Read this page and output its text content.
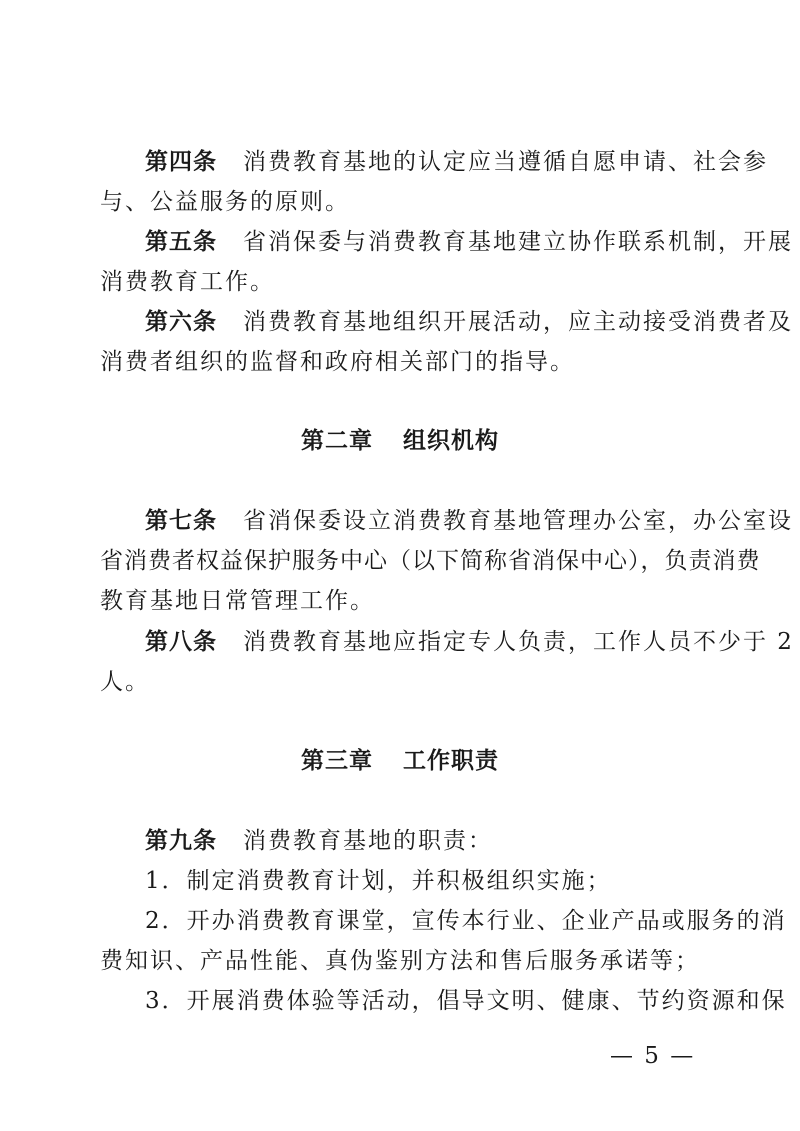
第四条 消费教育基地的认定应当遵循自愿申请、社会参
与、公益服务的原则。
第五条 省消保委与消费教育基地建立协作联系机制，开展
消费教育工作。
第六条 消费教育基地组织开展活动，应主动接受消费者及
消费者组织的监督和政府相关部门的指导。
第二章 组织机构
第七条 省消保委设立消费教育基地管理办公室，办公室设
省消费者权益保护服务中心（以下简称省消保中心），负责消费
教育基地日常管理工作。
第八条 消费教育基地应指定专人负责，工作人员不少于 2
人。
第三章 工作职责
第九条 消费教育基地的职责：
1．制定消费教育计划，并积极组织实施；
2．开办消费教育课堂，宣传本行业、企业产品或服务的消
费知识、产品性能、真伪鉴别方法和售后服务承诺等；
3．开展消费体验等活动，倡导文明、健康、节约资源和保
— 5 —
